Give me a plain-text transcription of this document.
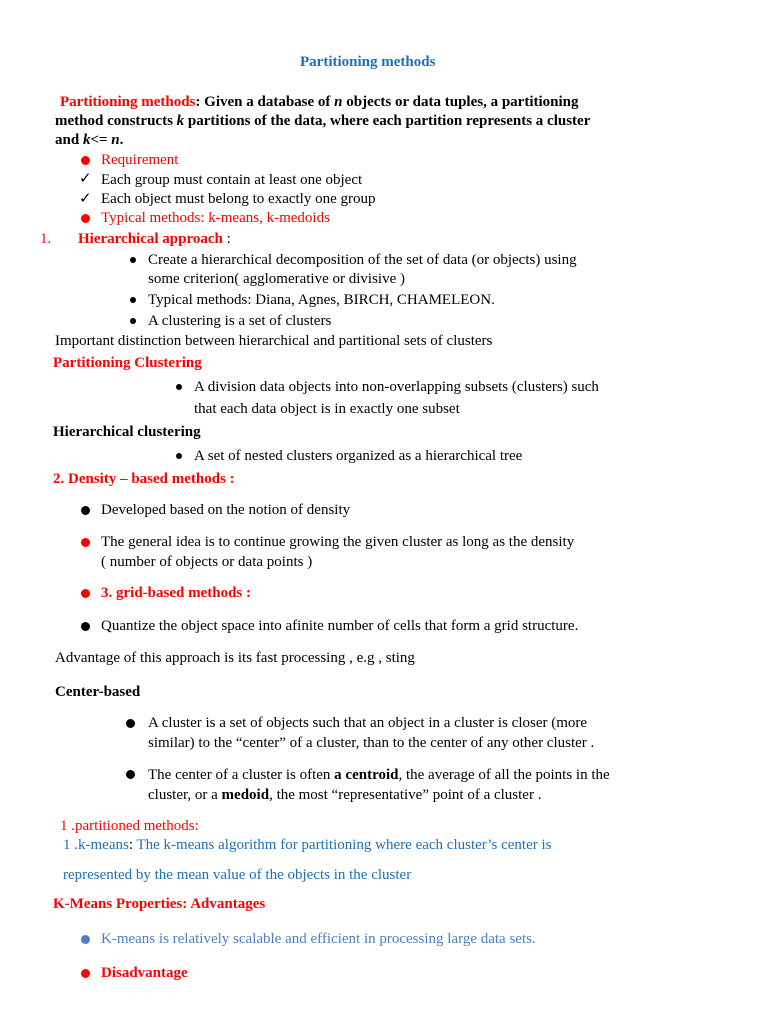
Partitioning methods
Partitioning methods: Given a database of n objects or data tuples, a partitioning
method constructs k partitions of the data, where each partition represents a cluster
and k<= n.
Requirement
✓ Each group must contain at least one object
✓ Each object must belong to exactly one group
Typical methods: k-means, k-medoids
1. Hierarchical approach :
Create a hierarchical decomposition of the set of data (or objects) using
some criterion( agglomerative or divisive )
Typical methods: Diana, Agnes, BIRCH, CHAMELEON.
A clustering is a set of clusters
Important distinction between hierarchical and partitional sets of clusters
Partitioning Clustering
A division data objects into non-overlapping subsets (clusters) such
that each data object is in exactly one subset
Hierarchical clustering
A set of nested clusters organized as a hierarchical tree
2. Density – based methods :
Developed based on the notion of density
The general idea is to continue growing the given cluster as long as the density
( number of objects or data points )
3. grid-based methods :
Quantize the object space into afinite number of cells that form a grid structure.
Advantage of this approach is its fast processing , e.g , sting
Center-based
A cluster is a set of objects such that an object in a cluster is closer (more
similar) to the “center” of a cluster, than to the center of any other cluster .
The center of a cluster is often a centroid, the average of all the points in the
cluster, or a medoid, the most “representative” point of a cluster .
1 .partitioned methods:
1 .k-means: The k-means algorithm for partitioning where each cluster’s center is
represented by the mean value of the objects in the cluster
K-Means Properties: Advantages
K-means is relatively scalable and efficient in processing large data sets.
Disadvantage
